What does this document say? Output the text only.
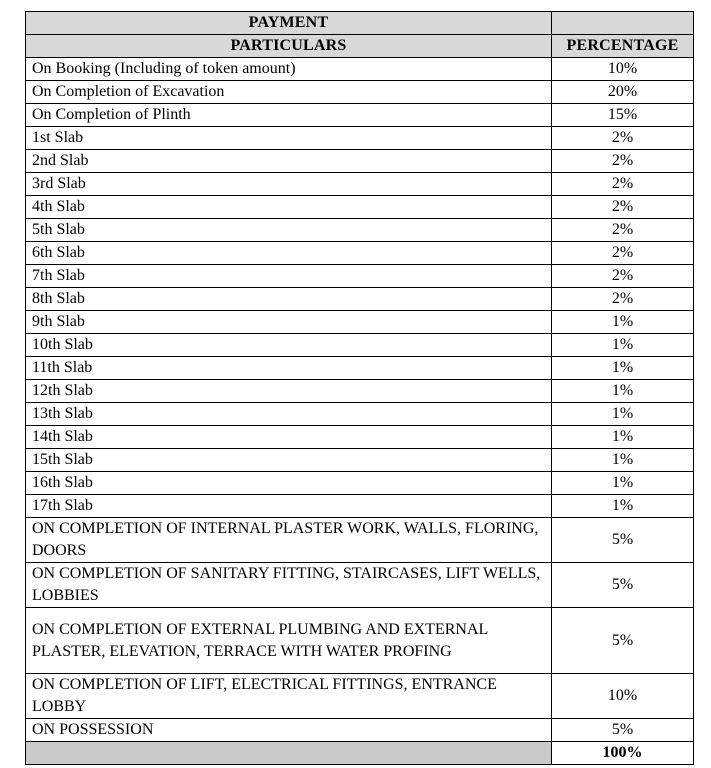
PAYMENT	
PARTICULARS	PERCENTAGE
On Booking (Including of token amount)	10%
On Completion of Excavation	20%
On Completion of Plinth	15%
1st Slab	2%
2nd Slab	2%
3rd Slab	2%
4th Slab	2%
5th Slab	2%
6th Slab	2%
7th Slab	2%
8th Slab	2%
9th Slab	1%
10th Slab	1%
11th Slab	1%
12th Slab	1%
13th Slab	1%
14th Slab	1%
15th Slab	1%
16th Slab	1%
17th Slab	1%
ON COMPLETION OF INTERNAL PLASTER WORK, WALLS, FLORING, DOORS	5%
ON COMPLETION OF SANITARY FITTING, STAIRCASES, LIFT WELLS, LOBBIES	5%
ON COMPLETION OF EXTERNAL PLUMBING AND EXTERNAL PLASTER, ELEVATION, TERRACE WITH WATER PROFING	5%
ON COMPLETION OF LIFT, ELECTRICAL FITTINGS, ENTRANCE LOBBY	10%
ON POSSESSION	5%
	100%
